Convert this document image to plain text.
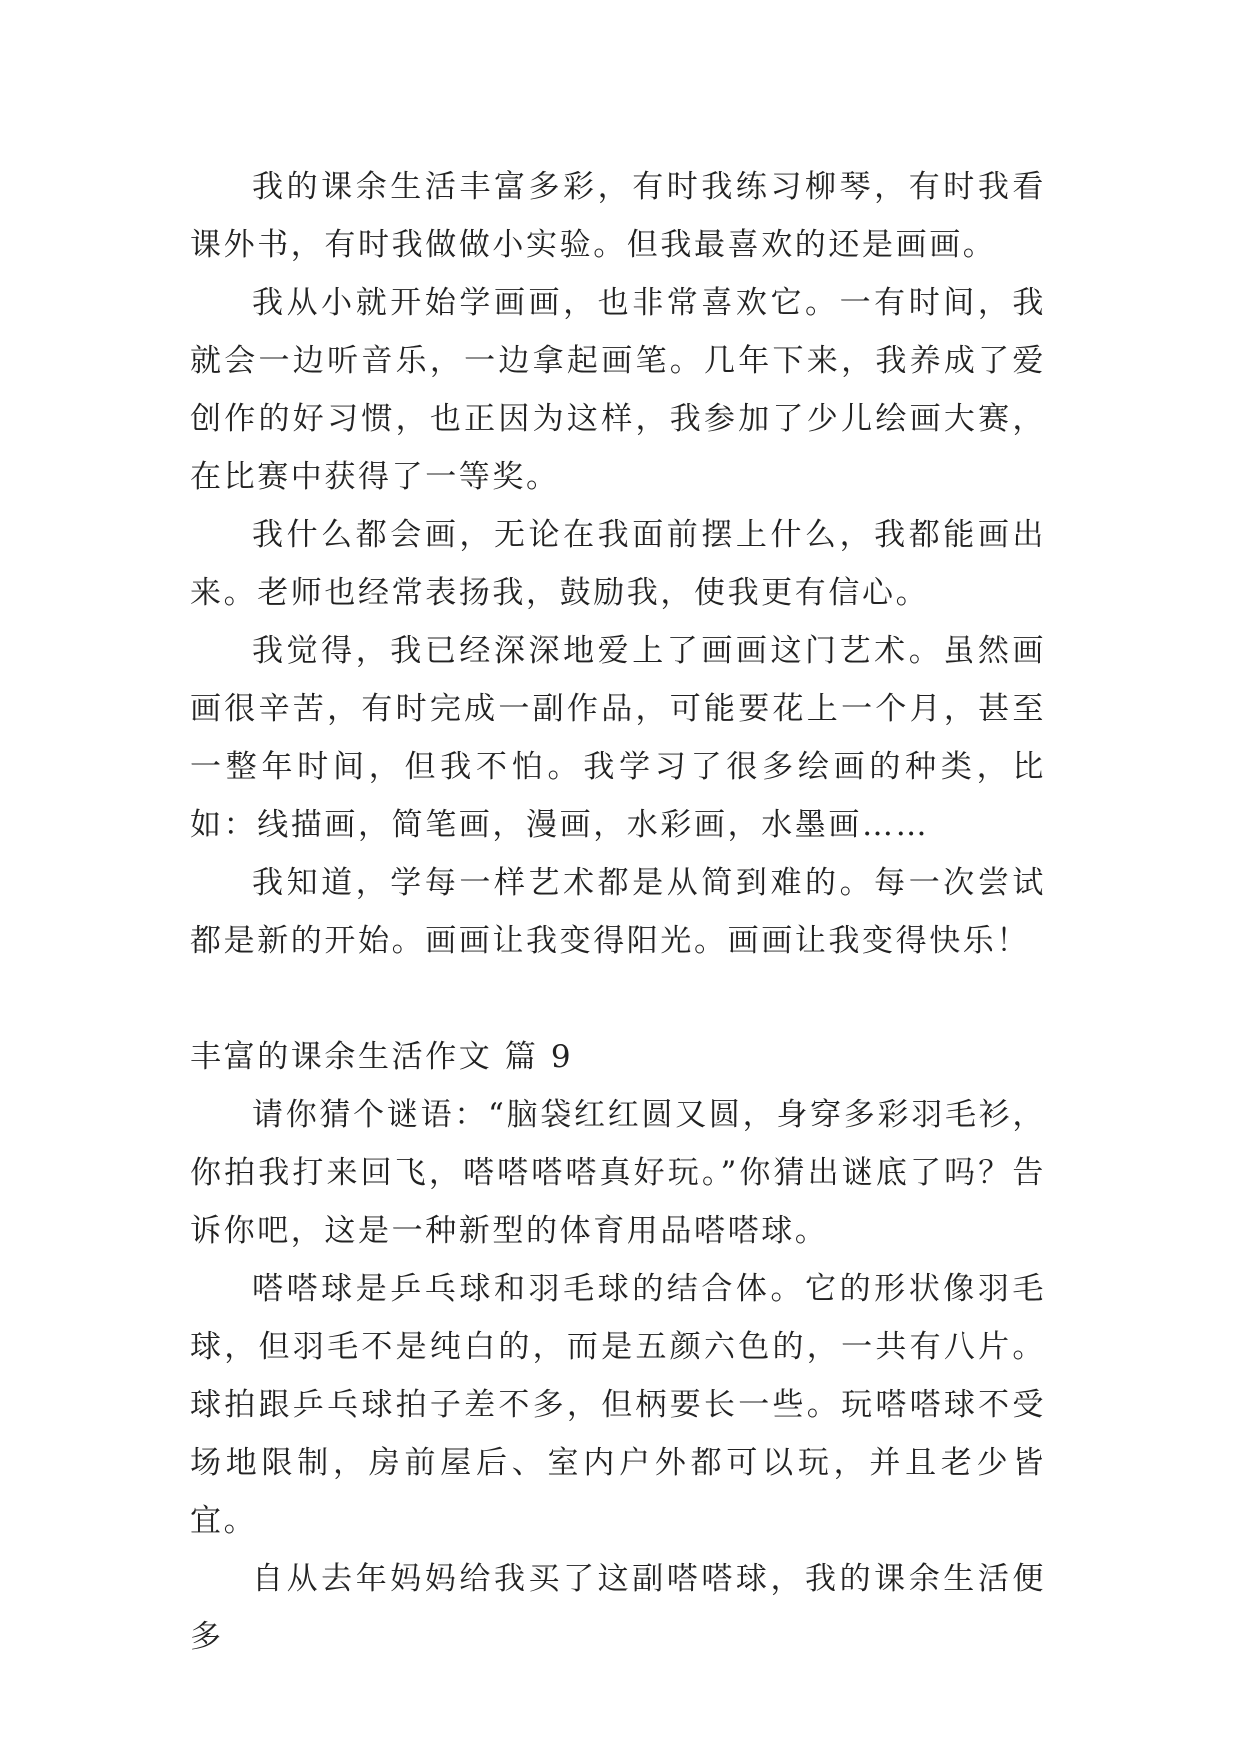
我的课余生活丰富多彩，有时我练习柳琴，有时我看课外书，有时我做做小实验。但我最喜欢的还是画画。

我从小就开始学画画，也非常喜欢它。一有时间，我就会一边听音乐，一边拿起画笔。几年下来，我养成了爱创作的好习惯，也正因为这样，我参加了少儿绘画大赛，在比赛中获得了一等奖。

我什么都会画，无论在我面前摆上什么，我都能画出来。老师也经常表扬我，鼓励我，使我更有信心。

我觉得，我已经深深地爱上了画画这门艺术。虽然画画很辛苦，有时完成一副作品，可能要花上一个月，甚至一整年时间，但我不怕。我学习了很多绘画的种类，比如：线描画，简笔画，漫画，水彩画，水墨画……

我知道，学每一样艺术都是从简到难的。每一次尝试都是新的开始。画画让我变得阳光。画画让我变得快乐！

丰富的课余生活作文 篇 9

请你猜个谜语：“脑袋红红圆又圆，身穿多彩羽毛衫，你拍我打来回飞，嗒嗒嗒嗒真好玩。”你猜出谜底了吗？告诉你吧，这是一种新型的体育用品嗒嗒球。

嗒嗒球是乒乓球和羽毛球的结合体。它的形状像羽毛球，但羽毛不是纯白的，而是五颜六色的，一共有八片。球拍跟乒乓球拍子差不多，但柄要长一些。玩嗒嗒球不受场地限制，房前屋后、室内户外都可以玩，并且老少皆宜。

自从去年妈妈给我买了这副嗒嗒球，我的课余生活便多
